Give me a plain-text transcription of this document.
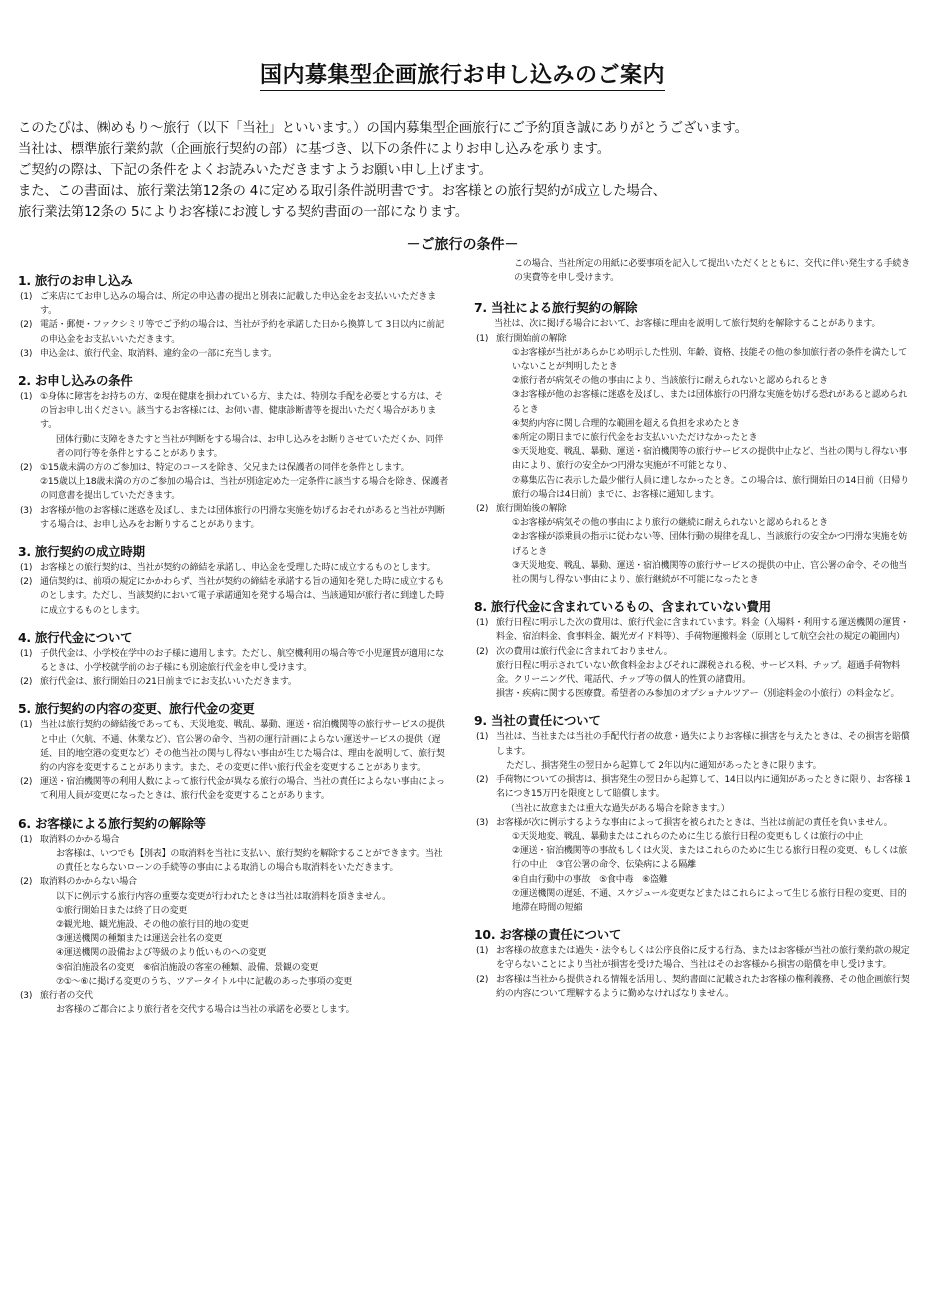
国内募集型企画旅行お申し込みのご案内
このたびは、㈱めもり～旅行（以下「当社」といいます。）の国内募集型企画旅行にご予約頂き誠にありがとうございます。
当社は、標準旅行業約款（企画旅行契約の部）に基づき、以下の条件によりお申し込みを承ります。
ご契約の際は、下記の条件をよくお読みいただきますようお願い申し上げます。
また、この書面は、旅行業法第12条の 4に定める取引条件説明書です。お客様との旅行契約が成立した場合、
旅行業法第12条の 5によりお客様にお渡しする契約書面の一部になります。
－ご旅行の条件－
1. 旅行のお申し込み
(1) ご来店にてお申し込みの場合は、所定の申込書の提出と別表に記載した申込金をお支払いいただきます。
(2) 電話・郵便・ファクシミリ等でご予約の場合は、当社が予約を承諾した日から換算して 3日以内に前記の申込金をお支払いいただきます。
(3) 申込金は、旅行代金、取消料、違約金の一部に充当します。
2. お申し込みの条件
(1) ①身体に障害をお持ちの方、②現在健康を損われている方、または、特別な手配を必要とする方は、その旨お申し出ください。該当するお客様には、お伺い書、健康診断書等を提出いただく場合があります。

団体行動に支障をきたすと当社が判断をする場合は、お申し込みをお断りさせていただくか、同伴者の同行等を条件とすることがあります。

(2) ①15歳未満の方のご参加は、特定のコースを除き、父兄または保護者の同伴を条件とします。

②15歳以上18歳未満の方のご参加の場合は、当社が別途定めた一定条件に該当する場合を除き、保護者の同意書を提出していただきます。

(3) お客様が他のお客様に迷惑を及ぼし、または団体旅行の円滑な実施を妨げるおそれがあると当社が判断する場合は、お申し込みをお断りすることがあります。
3. 旅行契約の成立時期
(1) お客様との旅行契約は、当社が契約の締結を承諾し、申込金を受理した時に成立するものとします。
(2) 通信契約は、前項の規定にかかわらず、当社が契約の締結を承諾する旨の通知を発した時に成立するものとします。ただし、当該契約において電子承諾通知を発する場合は、当該通知が旅行者に到達した時に成立するものとします。
4. 旅行代金について
(1) 子供代金は、小学校在学中のお子様に適用します。ただし、航空機利用の場合等で小児運賃が適用になるときは、小学校就学前のお子様にも別途旅行代金を申し受けます。
(2) 旅行代金は、旅行開始日の21日前までにお支払いいただきます。
5. 旅行契約の内容の変更、旅行代金の変更
(1) 当社は旅行契約の締結後であっても、天災地変、戦乱、暴動、運送・宿泊機関等の旅行サービスの提供と中止（欠航、不通、休業など）、官公署の命令、当初の運行計画によらない運送サービスの提供（遅延、目的地空港の変更など）その他当社の関与し得ない事由が生じた場合は、理由を説明して、旅行契約の内容を変更することがあります。また、その変更に伴い旅行代金を変更することがあります。
(2) 運送・宿泊機関等の利用人数によって旅行代金が異なる旅行の場合、当社の責任によらない事由によって利用人員が変更になったときは、旅行代金を変更することがあります。
6. お客様による旅行契約の解除等
(1) 取消料のかかる場合

お客様は、いつでも【別表】の取消料を当社に支払い、旅行契約を解除することができます。当社の責任とならないローンの手続等の事由による取消しの場合も取消料をいただきます。

(2) 取消料のかからない場合

以下に例示する旅行内容の重要な変更が行われたときは当社は取消料を頂きません。

①旅行開始日または終了日の変更

②観光地、観光施設、その他の旅行目的地の変更

③運送機関の種類または運送会社名の変更

④運送機関の設備および等級のより低いものへの変更

⑤宿泊施設名の変更　⑥宿泊施設の客室の種類、設備、景観の変更

⑦①～⑥に掲げる変更のうち、ツアータイトル中に記載のあった事項の変更

(3) 旅行者の交代

お客様のご都合により旅行者を交代する場合は当社の承諾を必要とします。

この場合、当社所定の用紙に必要事項を記入して提出いただくとともに、交代に伴い発生する手続きの実費等を申し受けます。

7. 当社による旅行契約の解除

当社は、次に掲げる場合において、お客様に理由を説明して旅行契約を解除することがあります。

(1) 旅行開始前の解除

①お客様が当社があらかじめ明示した性別、年齢、資格、技能その他の参加旅行者の条件を満たしていないことが判明したとき

②旅行者が病気その他の事由により、当該旅行に耐えられないと認められるとき

③お客様が他のお客様に迷惑を及ぼし、または団体旅行の円滑な実施を妨げる恐れがあると認められるとき

④契約内容に関し合理的な範囲を超える負担を求めたとき

⑥所定の期日までに旅行代金をお支払いいただけなかったとき

⑤天災地変、戦乱、暴動、運送・宿泊機関等の旅行サービスの提供中止など、当社の関与し得ない事由により、旅行の安全かつ円滑な実施が不可能となり、

⑦募集広告に表示した最少催行人員に達しなかったとき。この場合は、旅行開始日の14日前（日帰り旅行の場合は4日前）までに、お客様に通知します。

(2) 旅行開始後の解除

①お客様が病気その他の事由により旅行の継続に耐えられないと認められるとき

②お客様が添乗員の指示に従わない等、団体行動の規律を乱し、当該旅行の安全かつ円滑な実施を妨げるとき

③天災地変、戦乱、暴動、運送・宿泊機関等の旅行サービスの提供の中止、官公署の命令、その他当社の関与し得ない事由により、旅行継続が不可能になったとき

8. 旅行代金に含まれているもの、含まれていない費用
(1) 旅行日程に明示した次の費用は、旅行代金に含まれています。料金（入場料・利用する運送機関の運賃・料金、宿泊料金、食事料金、観光ガイド料等）、手荷物運搬料金（原則として航空会社の規定の範囲内）
(2) 次の費用は旅行代金に含まれておりません。

旅行日程に明示されていない飲食料金およびそれに課税される税、サービス料、チップ。超過手荷物料金。クリーニング代、電話代、チップ等の個人的性質の諸費用。

損害・疾病に関する医療費。希望者のみ参加のオプショナルツアー（別途料金の小旅行）の料金など。

9. 当社の責任について
(1) 当社は、当社または当社の手配代行者の故意・過失によりお客様に損害を与えたときは、その損害を賠償します。

ただし、損害発生の翌日から起算して 2年以内に通知があったときに限ります。

(2) 手荷物についての損害は、損害発生の翌日から起算して、14日以内に通知があったときに限り、お客様 1名につき15万円を限度として賠償します。

（当社に故意または重大な過失がある場合を除きます。）

(3) お客様が次に例示するような事由によって損害を被られたときは、当社は前記の責任を負いません。

①天災地変、戦乱、暴動またはこれらのために生じる旅行日程の変更もしくは旅行の中止

②運送・宿泊機関等の事故もしくは火災、またはこれらのために生じる旅行日程の変更、もしくは旅行の中止　③官公署の命令、伝染病による隔離

④自由行動中の事故　⑤食中毒　⑥盗難

⑦運送機関の遅延、不通、スケジュール変更などまたはこれらによって生じる旅行日程の変更、目的地滞在時間の短縮

10. お客様の責任について
(1) お客様の故意または過失・法令もしくは公序良俗に反する行為、またはお客様が当社の旅行業約款の規定を守らないことにより当社が損害を受けた場合、当社はそのお客様から損害の賠償を申し受けます。
(2) お客様は当社から提供される情報を活用し、契約書面に記載されたお客様の権利義務、その他企画旅行契約の内容について理解するように勤めなければなりません。
